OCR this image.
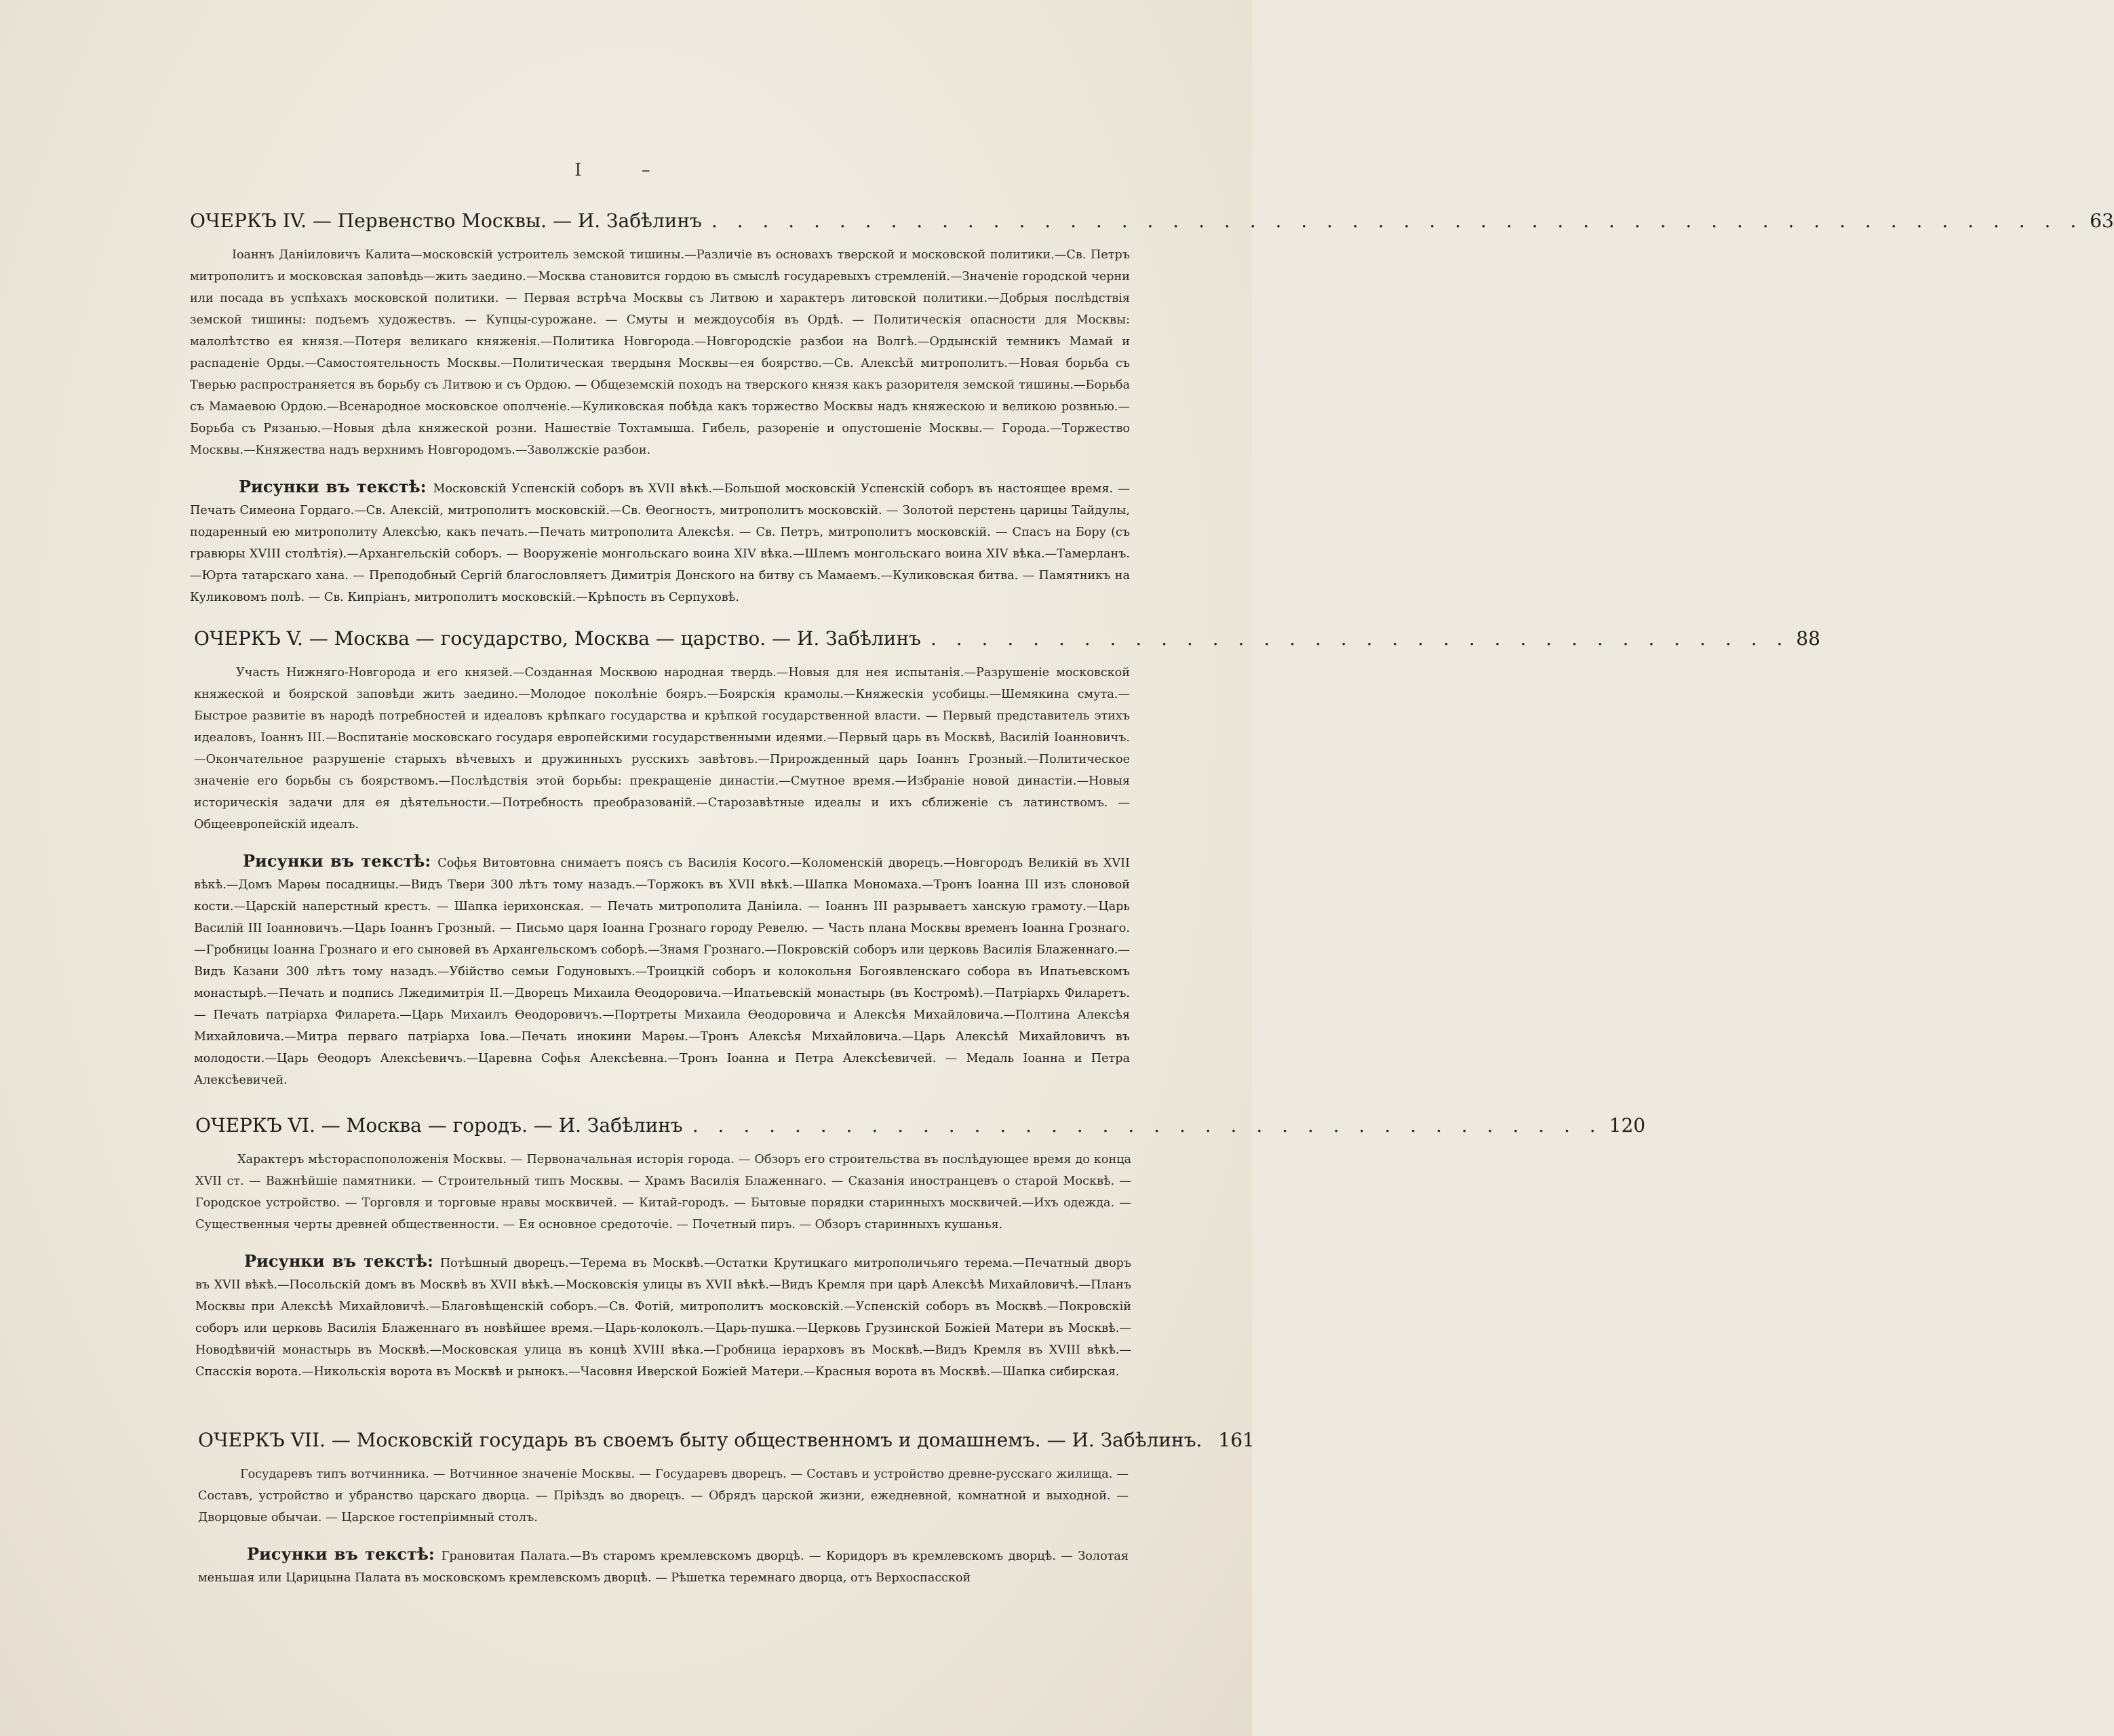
I –
ОЧЕРКЪ IV. — Первенство Москвы. — И. Забѣлинъ . . . . . . . . . . . . . . . . . . . . . . . . . . . . . . . . . . . . . . . . . . . . . . . . . . . . . . 63

Іоаннъ Даніиловичъ Калита—московскій устроитель земской тишины.—Различіе въ основахъ тверской и московской политики.—Св. Петръ митрополитъ и московская заповѣдь—жить заедино.—Москва становится гордою въ смыслѣ государевыхъ стремленій.—Значеніе городской черни или посада въ успѣхахъ московской политики. — Первая встрѣча Москвы съ Литвою и характеръ литовской политики.—Добрыя послѣдствія земской тишины: подъемъ художествъ. — Купцы-сурожане. — Смуты и междоусобія въ Ордѣ. — Политическія опасности для Москвы: малолѣтство ея князя.—Потеря великаго княженія.—Политика Новгорода.—Новгородскіе разбои на Волгѣ.—Ордынскій темникъ Мамай и распаденіе Орды.—Самостоятельность Москвы.—Политическая твердыня Москвы—ея боярство.—Св. Алексѣй митрополитъ.—Новая борьба съ Тверью распространяется въ борьбу съ Литвою и съ Ордою. — Общеземскій походъ на тверского князя какъ разорителя земской тишины.—Борьба съ Мамаевою Ордою.—Всенародное московское ополченіе.—Куликовская побѣда какъ торжество Москвы надъ княжескою и великою розвнью.—Борьба съ Рязанью.—Новыя дѣла княжеской розни. Нашествіе Тохтамыша. Гибель, разореніе и опустошеніе Москвы.— Города.—Торжество Москвы.—Княжества надъ верхнимъ Новгородомъ.—Заволжскіе разбои.

Рисунки въ текстѣ: Московскій Успенскій соборъ въ XVII вѣкѣ.—Большой московскій Успенскій соборъ въ настоящее время. — Печать Симеона Гордаго.—Св. Алексій, митрополитъ московскій.—Св. Ѳеогностъ, митрополитъ московскій. — Золотой перстень царицы Тайдулы, подаренный ею митрополиту Алексѣю, какъ печать.—Печать митрополита Алексѣя. — Св. Петръ, митрополитъ московскій. — Спасъ на Бору (съ гравюры XVIII столѣтія).—Архангельскій соборъ. — Вооруженіе монгольскаго воина XIV вѣка.—Шлемъ монгольскаго воина XIV вѣка.—Тамерланъ.—Юрта татарскаго хана. — Преподобный Сергій благословляетъ Димитрія Донского на битву съ Мамаемъ.—Куликовская битва. — Памятникъ на Куликовомъ полѣ. — Св. Кипріанъ, митрополитъ московскій.—Крѣпость въ Серпуховѣ.

ОЧЕРКЪ V. — Москва — государство, Москва — царство. — И. Забѣлинъ . . . . . . . . . . . . . . . . . . . . . . . . . . . . . . . . . . 88

Участь Нижняго-Новгорода и его князей.—Созданная Москвою народная твердь.—Новыя для нея испытанія.—Разрушеніе московской княжеской и боярской заповѣди жить заедино.—Молодое поколѣніе бояръ.—Боярскія крамолы.—Княжескія усобицы.—Шемякина смута.—Быстрое развитіе въ народѣ потребностей и идеаловъ крѣпкаго государства и крѣпкой государственной власти. — Первый представитель этихъ идеаловъ, Іоаннъ III.—Воспитаніе московскаго государя европейскими государственными идеями.—Первый царь въ Москвѣ, Василій Іоанновичъ.—Окончательное разрушеніе старыхъ вѣчевыхъ и дружинныхъ русскихъ завѣтовъ.—Прирожденный царь Іоаннъ Грозный.—Политическое значеніе его борьбы съ боярствомъ.—Послѣдствія этой борьбы: прекращеніе династіи.—Смутное время.—Избраніе новой династіи.—Новыя историческія задачи для ея дѣятельности.—Потребность преобразованій.—Старозавѣтные идеалы и ихъ сближеніе съ латинствомъ. — Общеевропейскій идеалъ.

Рисунки въ текстѣ: Софья Витовтовна снимаетъ поясъ съ Василія Косого.—Коломенскій дворецъ.—Новгородъ Великій въ XVII вѣкѣ.—Домъ Марѳы посадницы.—Видъ Твери 300 лѣтъ тому назадъ.—Торжокъ въ XVII вѣкѣ.—Шапка Мономаха.—Тронъ Іоанна III изъ слоновой кости.—Царскій наперстный крестъ. — Шапка іерихонская. — Печать митрополита Даніила. — Іоаннъ III разрываетъ ханскую грамоту.—Царь Василій III Іоанновичъ.—Царь Іоаннъ Грозный. — Письмо царя Іоанна Грознаго городу Ревелю. — Часть плана Москвы временъ Іоанна Грознаго.—Гробницы Іоанна Грознаго и его сыновей въ Архангельскомъ соборѣ.—Знамя Грознаго.—Покровскій соборъ или церковь Василія Блаженнаго.—Видъ Казани 300 лѣтъ тому назадъ.—Убійство семьи Годуновыхъ.—Троицкій соборъ и колокольня Богоявленскаго собора въ Ипатьевскомъ монастырѣ.—Печать и подпись Лжедимитрія II.—Дворецъ Михаила Ѳеодоровича.—Ипатьевскій монастырь (въ Костромѣ).—Патріархъ Филаретъ. — Печать патріарха Филарета.—Царь Михаилъ Ѳеодоровичъ.—Портреты Михаила Ѳеодоровича и Алексѣя Михайловича.—Полтина Алексѣя Михайловича.—Митра перваго патріарха Іова.—Печать инокини Марѳы.—Тронъ Алексѣя Михайловича.—Царь Алексѣй Михайловичъ въ молодости.—Царь Ѳеодоръ Алексѣевичъ.—Царевна Софья Алексѣевна.—Тронъ Іоанна и Петра Алексѣевичей. — Медаль Іоанна и Петра Алексѣевичей.

ОЧЕРКЪ VI. — Москва — городъ. — И. Забѣлинъ . . . . . . . . . . . . . . . . . . . . . . . . . . . . . . . . . . . . 120

Характеръ мѣстораспоположенія Москвы. — Первоначальная исторія города. — Обзоръ его строительства въ послѣдующее время до конца XVII ст. — Важнѣйшіе памятники. — Строительный типъ Москвы. — Храмъ Василія Блаженнаго. — Сказанія иностранцевъ о старой Москвѣ. — Городское устройство. — Торговля и торговые нравы москвичей. — Китай-городъ. — Бытовые порядки старинныхъ москвичей.—Ихъ одежда. — Существенныя черты древней общественности. — Ея основное средоточіе. — Почетный пиръ. — Обзоръ старинныхъ кушанья.

Рисунки въ текстѣ: Потѣшный дворецъ.—Терема въ Москвѣ.—Остатки Крутицкаго митрополичьяго терема.—Печатный дворъ въ XVII вѣкѣ.—Посольскій домъ въ Москвѣ въ XVII вѣкѣ.—Московскія улицы въ XVII вѣкѣ.—Видъ Кремля при царѣ Алексѣѣ Михайловичѣ.—Планъ Москвы при Алексѣѣ Михайловичѣ.—Благовѣщенскій соборъ.—Св. Фотій, митрополитъ московскій.—Успенскій соборъ въ Москвѣ.—Покровскій соборъ или церковь Василія Блаженнаго въ новѣйшее время.—Царь-колоколъ.—Царь-пушка.—Церковь Грузинской Божіей Матери въ Москвѣ.—Новодѣвичій монастырь въ Москвѣ.—Московская улица въ концѣ XVIII вѣка.—Гробница іерарховъ въ Москвѣ.—Видъ Кремля въ XVIII вѣкѣ.—Спасскія ворота.—Никольскія ворота въ Москвѣ и рынокъ.—Часовня Иверской Божіей Матери.—Красныя ворота въ Москвѣ.—Шапка сибирская.

ОЧЕРКЪ VII. — Московскій государь въ своемъ быту общественномъ и домашнемъ. — И. Забѣлинъ. 161

Государевъ типъ вотчинника. — Вотчинное значеніе Москвы. — Государевъ дворецъ. — Составъ и устройство древне-русскаго жилища. — Составъ, устройство и убранство царскаго дворца. — Пріѣздъ во дворецъ. — Обрядъ царской жизни, ежедневной, комнатной и выходной. — Дворцовые обычаи. — Царское гостепріимный столъ.

Рисунки въ текстѣ: Грановитая Палата.—Въ старомъ кремлевскомъ дворцѣ. — Коридоръ въ кремлевскомъ дворцѣ. — Золотая меньшая или Царицына Палата въ московскомъ кремлевскомъ дворцѣ. — Рѣшетка теремнаго дворца, отъ Верхоспасской
